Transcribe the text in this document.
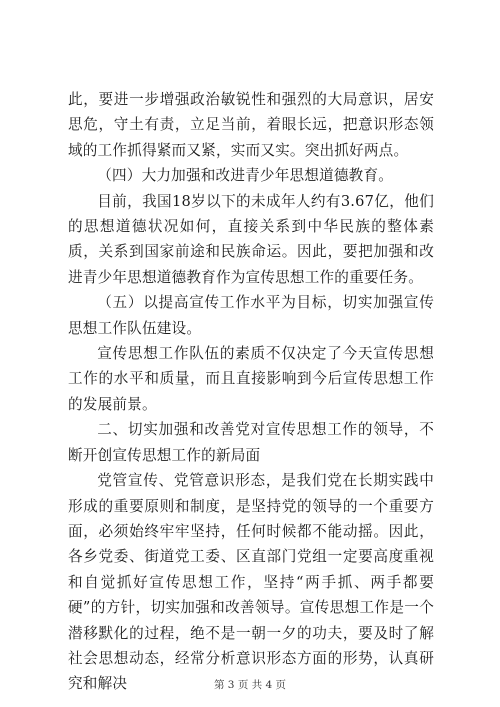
此，要进一步增强政治敏锐性和强烈的大局意识，居安思危，守土有责，立足当前，着眼长远，把意识形态领域的工作抓得紧而又紧，实而又实。突出抓好两点。

（四）大力加强和改进青少年思想道德教育。

目前，我国18岁以下的未成年人约有3.67亿，他们的思想道德状况如何，直接关系到中华民族的整体素质，关系到国家前途和民族命运。因此，要把加强和改进青少年思想道德教育作为宣传思想工作的重要任务。

（五）以提高宣传工作水平为目标，切实加强宣传思想工作队伍建设。

宣传思想工作队伍的素质不仅决定了今天宣传思想工作的水平和质量，而且直接影响到今后宣传思想工作的发展前景。

二、切实加强和改善党对宣传思想工作的领导，不断开创宣传思想工作的新局面

党管宣传、党管意识形态，是我们党在长期实践中形成的重要原则和制度，是坚持党的领导的一个重要方面，必须始终牢牢坚持，任何时候都不能动摇。因此，各乡党委、街道党工委、区直部门党组一定要高度重视和自觉抓好宣传思想工作，坚持“两手抓、两手都要硬”的方针，切实加强和改善领导。宣传思想工作是一个潜移默化的过程，绝不是一朝一夕的功夫，要及时了解社会思想动态，经常分析意识形态方面的形势，认真研究和解决	第 3 页 共 4 页
